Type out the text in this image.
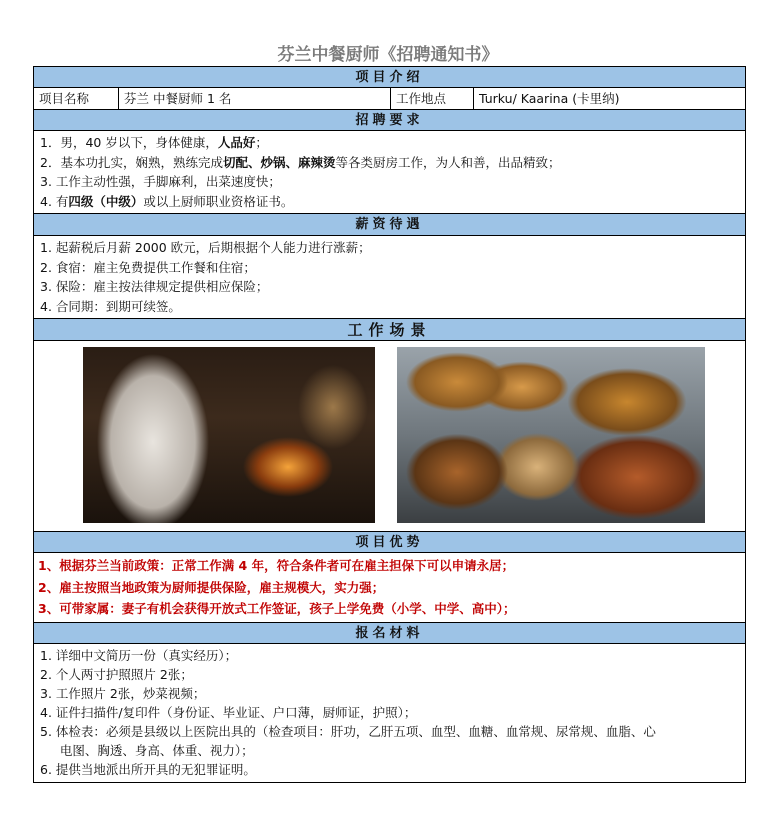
芬兰中餐厨师《招聘通知书》
项目介绍
项目名称	芬兰 中餐厨师 1 名	工作地点	Turku/ Kaarina (卡里纳)
招聘要求
1．男，40 岁以下，身体健康，人品好；
2．基本功扎实，娴熟，熟练完成切配、炒锅、麻辣烫等各类厨房工作，为人和善，出品精致；
3. 工作主动性强，手脚麻利，出菜速度快；
4. 有四级（中级）或以上厨师职业资格证书。
薪资待遇
1. 起薪税后月薪 2000 欧元，后期根据个人能力进行涨薪；
2. 食宿：雇主免费提供工作餐和住宿；
3. 保险：雇主按法律规定提供相应保险；
4. 合同期：到期可续签。
工作场景
项目优势
1、根据芬兰当前政策：正常工作满 4 年，符合条件者可在雇主担保下可以申请永居；
2、雇主按照当地政策为厨师提供保险，雇主规模大，实力强；
3、可带家属：妻子有机会获得开放式工作签证，孩子上学免费（小学、中学、高中）；
报名材料
1. 详细中文简历一份（真实经历）；
2. 个人两寸护照照片 2张；
3. 工作照片 2张，炒菜视频；
4. 证件扫描件/复印件（身份证、毕业证、户口薄，厨师证，护照）；
5. 体检表：必须是县级以上医院出具的（检查项目：肝功，乙肝五项、血型、血糖、血常规、尿常规、血脂、心
电图、胸透、身高、体重、视力）；
6. 提供当地派出所开具的无犯罪证明。
